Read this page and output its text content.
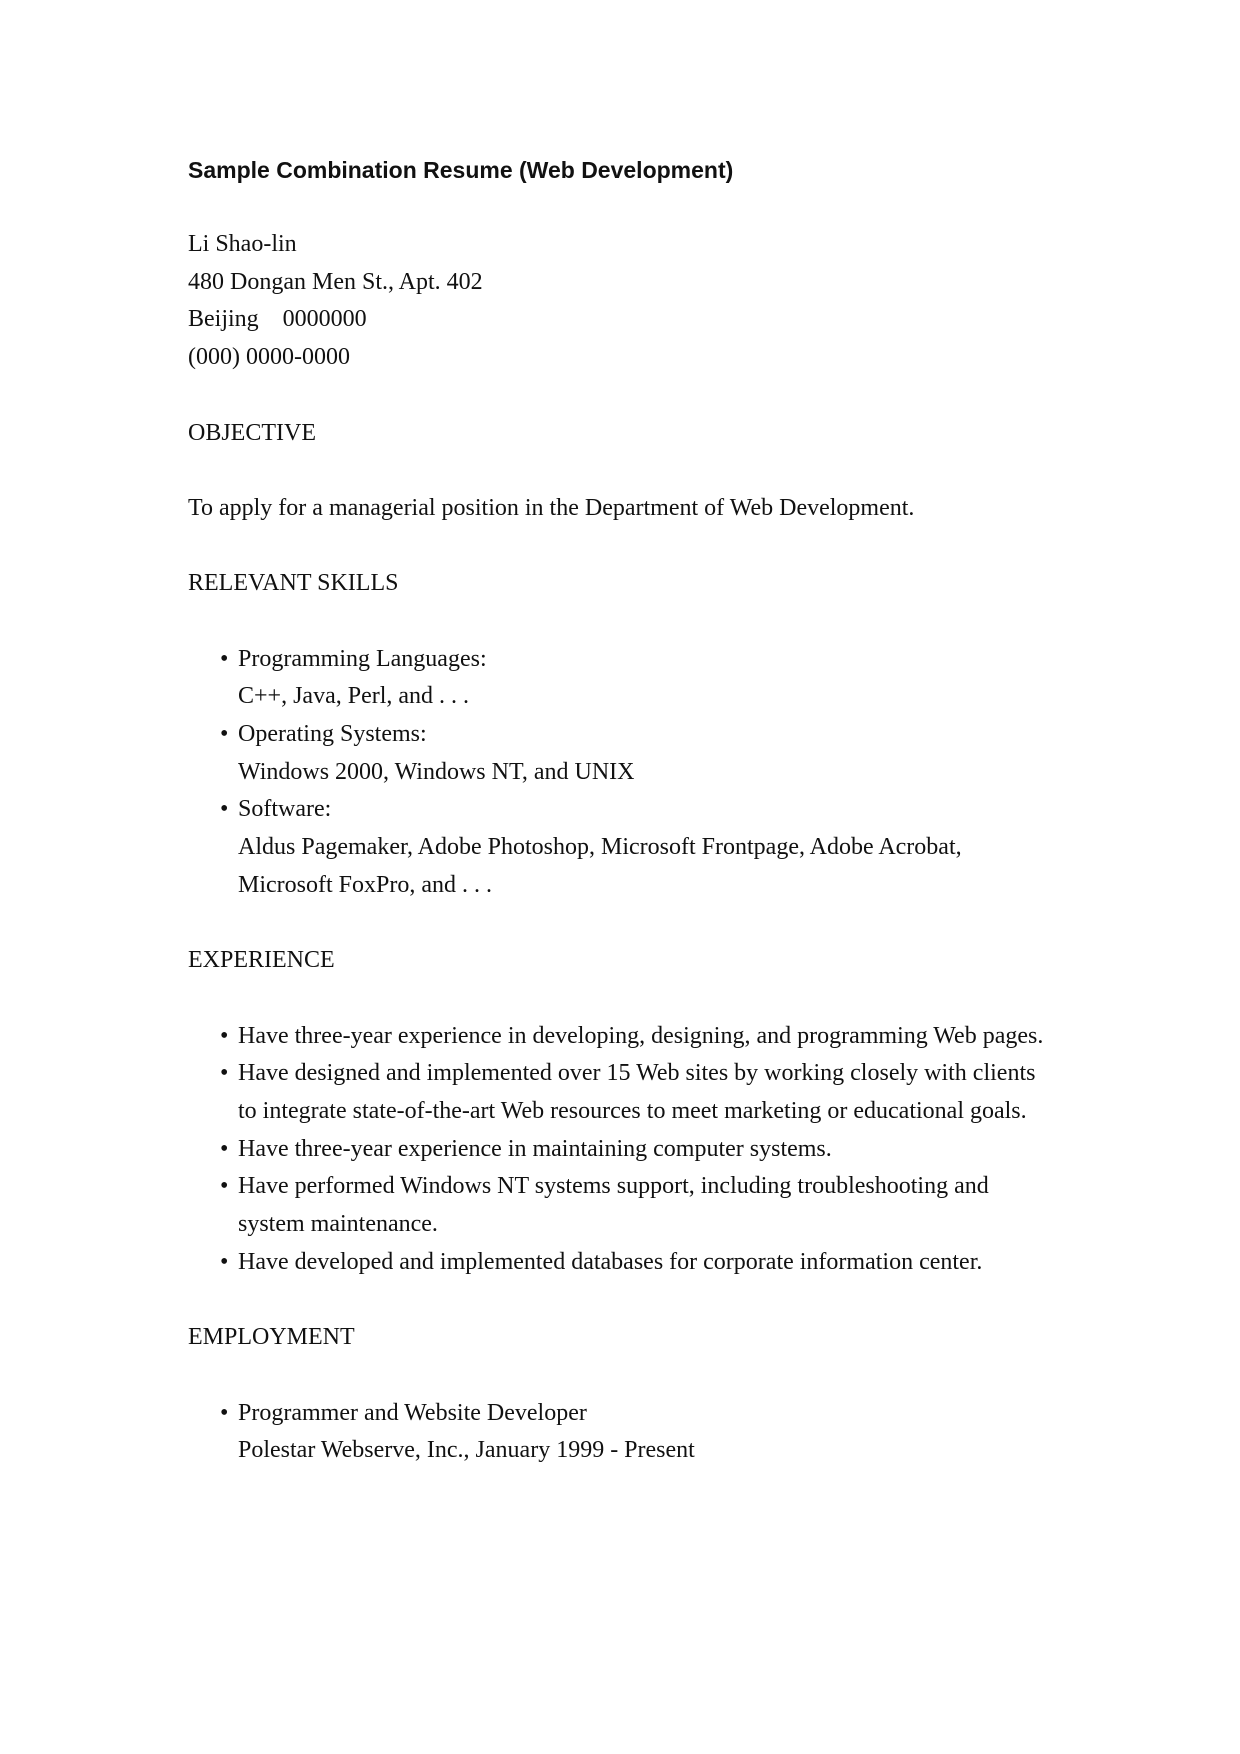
Sample Combination Resume (Web Development)
Li Shao-lin
480 Dongan Men St., Apt. 402
Beijing    0000000
(000) 0000-0000
OBJECTIVE
To apply for a managerial position in the Department of Web Development.
RELEVANT SKILLS
• Programming Languages:
C++, Java, Perl, and . . .
• Operating Systems:
Windows 2000, Windows NT, and UNIX
• Software:
Aldus Pagemaker, Adobe Photoshop, Microsoft Frontpage, Adobe Acrobat,
Microsoft FoxPro, and . . .
EXPERIENCE
• Have three-year experience in developing, designing, and programming Web pages.
• Have designed and implemented over 15 Web sites by working closely with clients to integrate state-of-the-art Web resources to meet marketing or educational goals.
• Have three-year experience in maintaining computer systems.
• Have performed Windows NT systems support, including troubleshooting and system maintenance.
• Have developed and implemented databases for corporate information center.
EMPLOYMENT
• Programmer and Website Developer
Polestar Webserve, Inc., January 1999 - Present
